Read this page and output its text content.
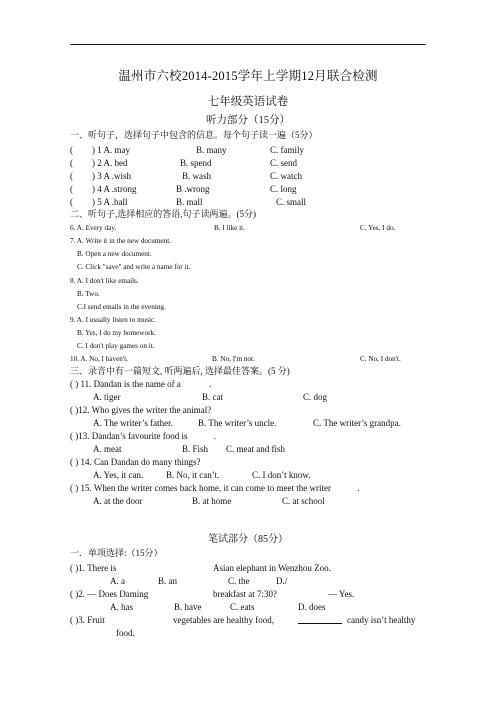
温州市六校2014-2015学年上学期12月联合检测
七年级英语试卷
听力部分（15分）
一、听句子，选择句子中包含的信息。每个句子读一遍（5分）
( ) 1 A. may	B. many	C. family
( ) 2 A. bed	B. spend	C. send
( ) 3 A .wish	B. wash	C. watch
( ) 4 A .strong	B .wrong	C. long
( ) 5 A .ball	B. mall	C. small
二、听句子,选择相应的答语,句子读两遍。(5分)
6. A. Every day.	B. I like it.	C. Yes, I do.
7. A. Write it in the new document.
B. Open a new document.
C. Click "save" and write a name for it.
8. A. I don't like emails.
B. Two.
C.I send emails in the evening.
9. A. I usually listen to music.
B. Yes, I do my homework.
C. I don't play games on it.
10. A. No, I haven't.	B. No, I'm not.	C. No, I don't.
三、录音中有一篇短文, 听两遍后, 选择最佳答案。(5 分)
( ) 11. Dandan is the name of a	.
A. tiger	B. cat	C. dog
( )12. Who gives the writer the animal?
A. The writer’s father.	B. The writer’s uncle.	C. The writer’s grandpa.
( )13. Dandan’s favourite food is	.
A. meat	B. Fish C. meat and fish
( ) 14. Can Dandan do many things?
A. Yes, it can.	B. No, it can’t.	C. I don’t know.
( ) 15. When the writer comes back home, it can come to meet the writer	.
A. at the door	B. at home	C. at school
笔试部分（85分）
一．单项选择:（15分）
( )1. There is	Asian elephant in Wenzhou Zoo.
A. a	B. an	C. the	D./
( )2. — Does Daming	breakfast at 7:30?	— Yes.
A. has	B. have	C. eats	D. does
( )3. Fruit	vegetables are healthy food,	candy isn’t healthy
food.
